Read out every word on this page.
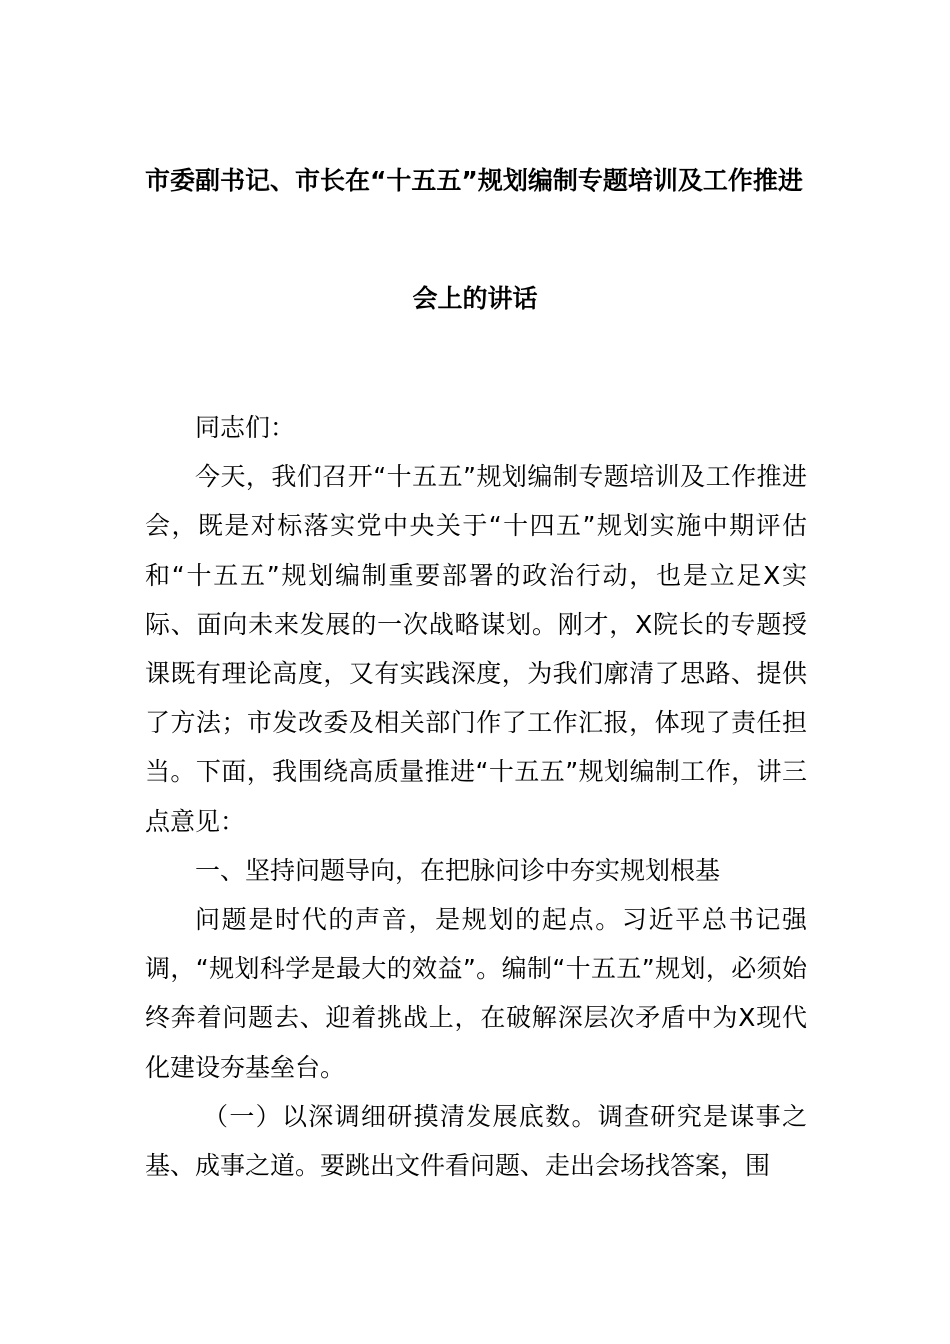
市委副书记、市长在“十五五”规划编制专题培训及工作推进
会上的讲话

同志们：

今天，我们召开“十五五”规划编制专题培训及工作推进会，既是对标落实党中央关于“十四五”规划实施中期评估和“十五五”规划编制重要部署的政治行动，也是立足X实际、面向未来发展的一次战略谋划。刚才，X院长的专题授课既有理论高度，又有实践深度，为我们廓清了思路、提供了方法；市发改委及相关部门作了工作汇报，体现了责任担当。下面，我围绕高质量推进“十五五”规划编制工作，讲三点意见：

一、坚持问题导向，在把脉问诊中夯实规划根基

问题是时代的声音，是规划的起点。习近平总书记强调，“规划科学是最大的效益”。编制“十五五”规划，必须始终奔着问题去、迎着挑战上，在破解深层次矛盾中为X现代化建设夯基垒台。

（一）以深调细研摸清发展底数。调查研究是谋事之基、成事之道。要跳出文件看问题、走出会场找答案，围
